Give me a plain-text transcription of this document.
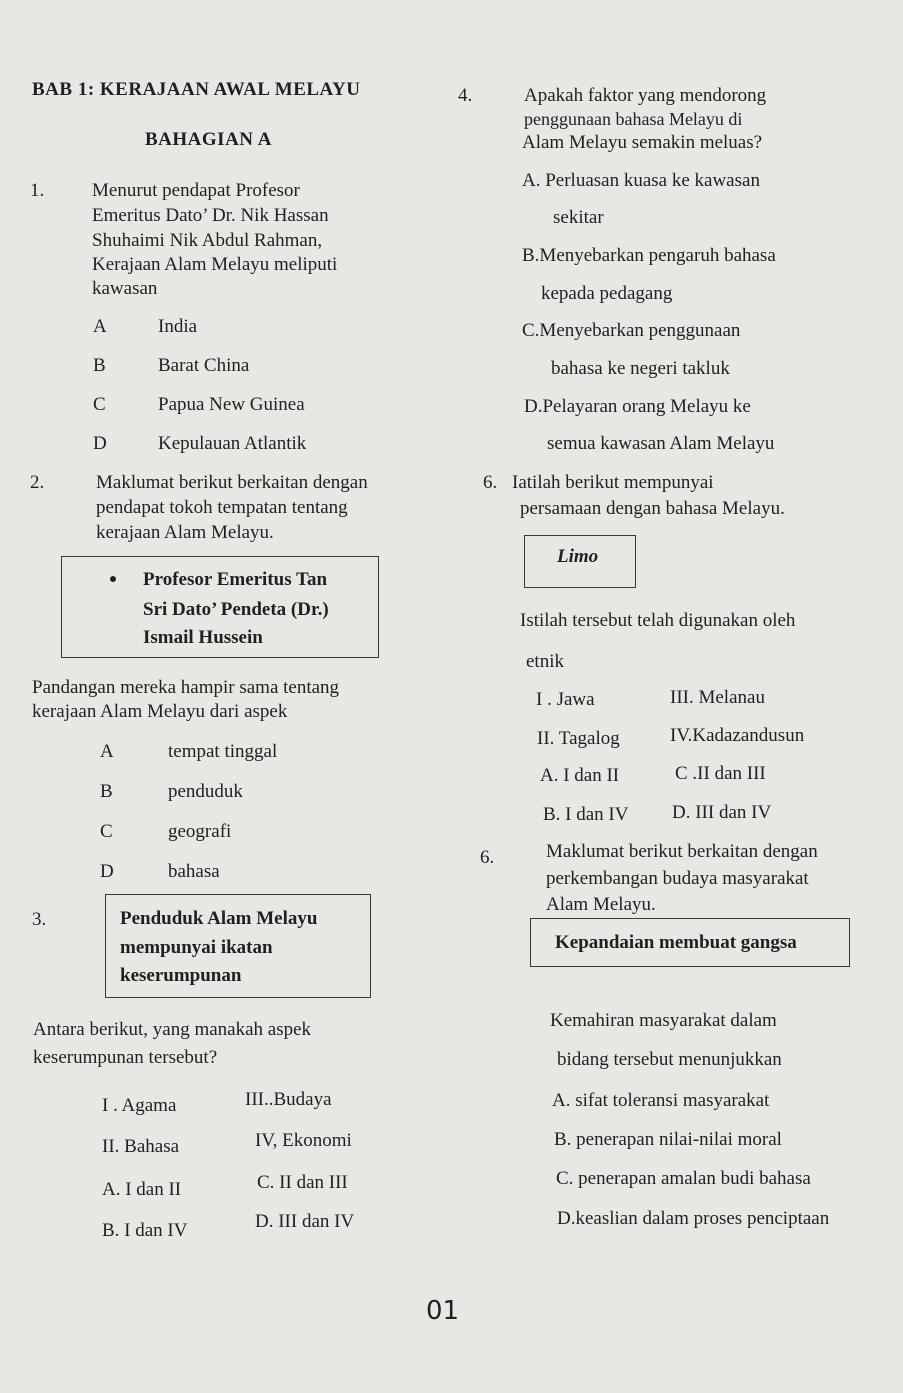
BAB 1: KERAJAAN AWAL MELAYU
BAHAGIAN A
1.	Menurut pendapat Profesor
Emeritus Dato’ Dr. Nik Hassan
Shuhaimi Nik Abdul Rahman,
Kerajaan Alam Melayu meliputi
kawasan
A	India
B	Barat China
C	Papua New Guinea
D	Kepulauan Atlantik
2.	Maklumat berikut berkaitan dengan
pendapat tokoh tempatan tentang
kerajaan Alam Melayu.
Profesor Emeritus Tan
Sri Dato’ Pendeta (Dr.)
Ismail Hussein
Pandangan mereka hampir sama tentang
kerajaan Alam Melayu dari aspek
A	tempat tinggal
B	penduduk
C	geografi
D	bahasa
3.	Penduduk Alam Melayu
mempunyai ikatan
keserumpunan
Antara berikut, yang manakah aspek
keserumpunan tersebut?
I . Agama	III..Budaya
II. Bahasa	IV, Ekonomi
A. I dan II	C. II dan III
B. I dan IV	D. III dan IV
4.	Apakah faktor yang mendorong
penggunaan bahasa Melayu di
Alam Melayu semakin meluas?
A. Perluasan kuasa ke kawasan
sekitar
B.Menyebarkan pengaruh bahasa
kepada pedagang
C.Menyebarkan penggunaan
bahasa ke negeri takluk
D.Pelayaran orang Melayu ke
semua kawasan Alam Melayu
6. Iatilah berikut mempunyai
persamaan dengan bahasa Melayu.
Limo
Istilah tersebut telah digunakan oleh
etnik
I . Jawa	III. Melanau
II. Tagalog	IV.Kadazandusun
A. I dan II	C .II dan III
B. I dan IV D. III dan IV
6.	Maklumat berikut berkaitan dengan
perkembangan budaya masyarakat
Alam Melayu.
Kepandaian membuat gangsa
Kemahiran masyarakat dalam
bidang tersebut menunjukkan
A. sifat toleransi masyarakat
B. penerapan nilai-nilai moral
C. penerapan amalan budi bahasa
D.keaslian dalam proses penciptaan
01
